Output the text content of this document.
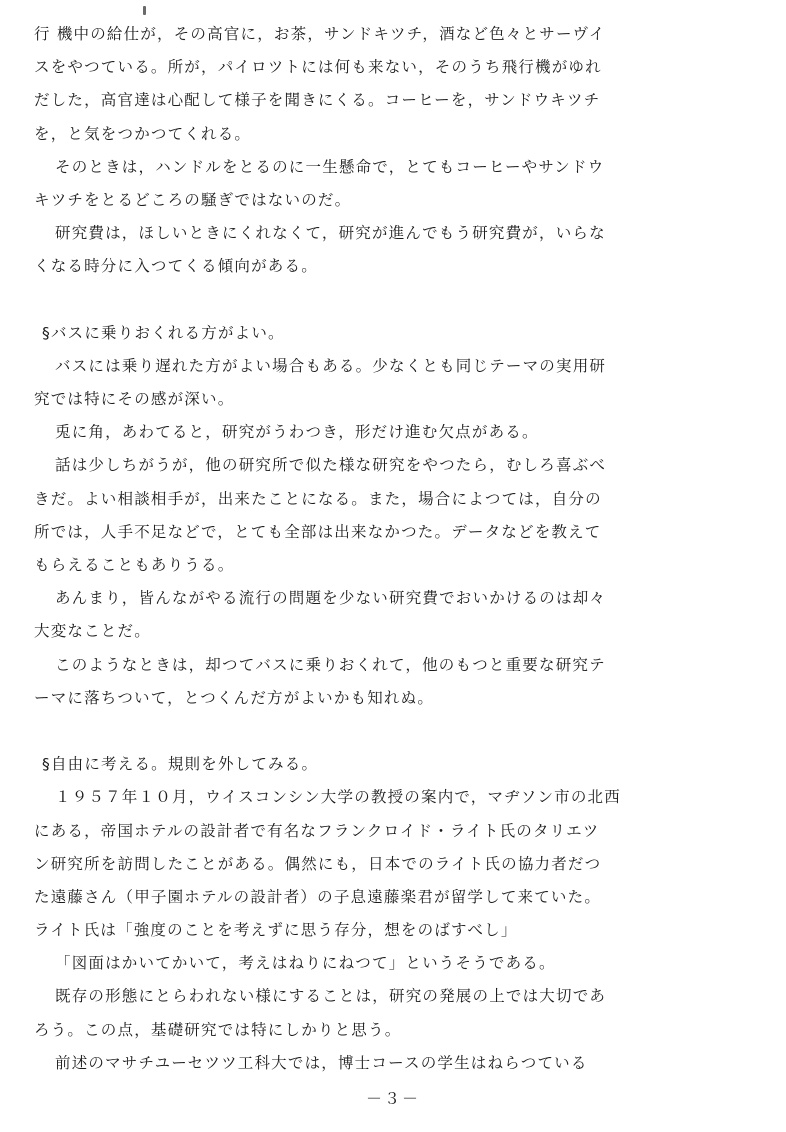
行 機中の給仕が，その高官に，お茶，サンドキツチ，酒など色々とサーヴイ
スをやつている。所が，パイロツトには何も来ない，そのうち飛行機がゆれ
だした，高官達は心配して様子を聞きにくる。コーヒーを，サンドウキツチ
を，と気をつかつてくれる。
そのときは，ハンドルをとるのに一生懸命で，とてもコーヒーやサンドウ
キツチをとるどころの騒ぎではないのだ。
研究費は，ほしいときにくれなくて，研究が進んでもう研究費が，いらな
くなる時分に入つてくる傾向がある。
§バスに乗りおくれる方がよい。
バスには乗り遅れた方がよい場合もある。少なくとも同じテーマの実用研
究では特にその感が深い。
兎に角，あわてると，研究がうわつき，形だけ進む欠点がある。
話は少しちがうが，他の研究所で似た様な研究をやつたら，むしろ喜ぶべ
きだ。よい相談相手が，出来たことになる。また，場合によつては，自分の
所では，人手不足などで，とても全部は出来なかつた。データなどを教えて
もらえることもありうる。
あんまり，皆んながやる流行の問題を少ない研究費でおいかけるのは却々
大変なことだ。
このようなときは，却つてバスに乗りおくれて，他のもつと重要な研究テ
ーマに落ちついて，とつくんだ方がよいかも知れぬ。
§自由に考える。規則を外してみる。
１９５７年１０月，ウイスコンシン大学の教授の案内で，マヂソン市の北西
にある，帝国ホテルの設計者で有名なフランクロイド・ライト氏のタリエツ
ン研究所を訪問したことがある。偶然にも，日本でのライト氏の協力者だつ
た遠藤さん（甲子園ホテルの設計者）の子息遠藤楽君が留学して来ていた。
ライト氏は「強度のことを考えずに思う存分，想をのばすべし」
「図面はかいてかいて，考えはねりにねつて」というそうである。
既存の形態にとらわれない様にすることは，研究の発展の上では大切であ
ろう。この点，基礎研究では特にしかりと思う。
前述のマサチユーセツツ工科大では，博士コースの学生はねらつている
－３－
